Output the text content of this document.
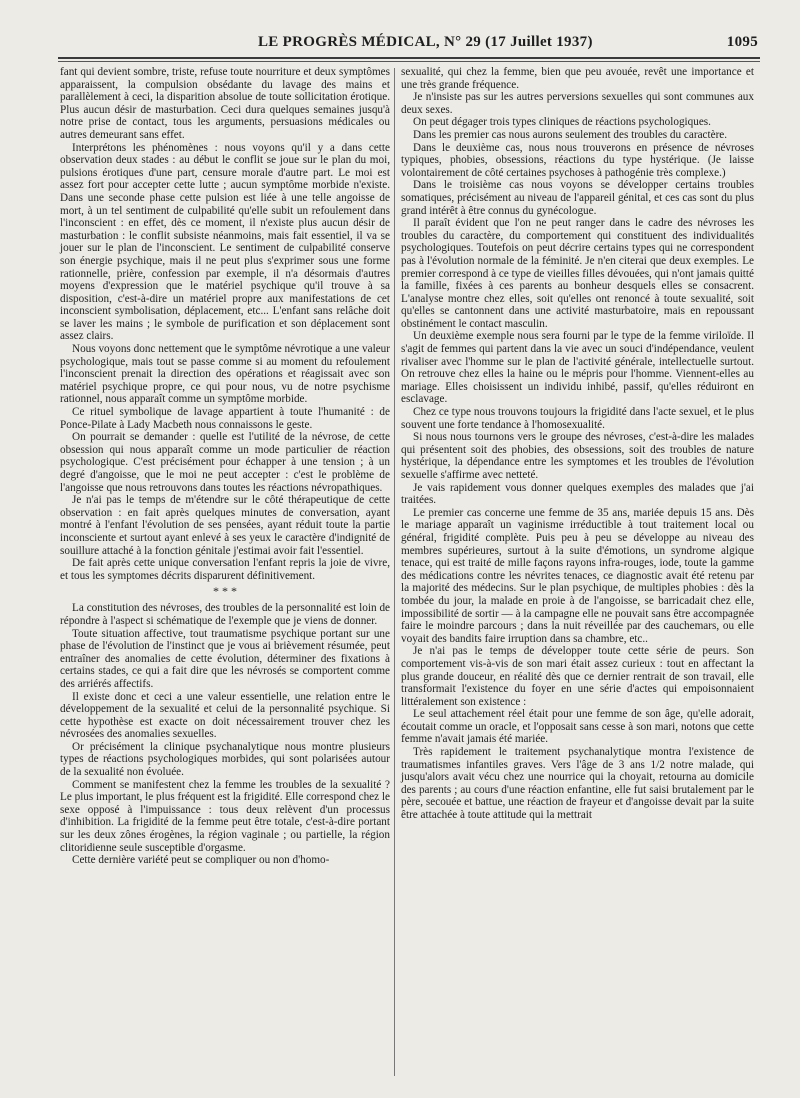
LE PROGRÈS MÉDICAL, N° 29 (17 Juillet 1937)	1095

fant qui devient sombre, triste, refuse toute nourriture et deux symptômes apparaissent, la compulsion obsédante du lavage des mains et parallèlement à ceci, la disparition absolue de toute sollicitation érotique. Plus aucun désir de masturbation. Ceci dura quelques semaines jusqu'à notre prise de contact, tous les arguments, persuasions médicales ou autres demeurant sans effet.

Interprétons les phénomènes : nous voyons qu'il y a dans cette observation deux stades : au début le conflit se joue sur le plan du moi, pulsions érotiques d'une part, censure morale d'autre part. Le moi est assez fort pour accepter cette lutte ; aucun symptôme morbide n'existe. Dans une seconde phase cette pulsion est liée à une telle angoisse de mort, à un tel sentiment de culpabilité qu'elle subit un refoulement dans l'inconscient : en effet, dès ce moment, il n'existe plus aucun désir de masturbation : le conflit subsiste néanmoins, mais fait essentiel, il va se jouer sur le plan de l'inconscient. Le sentiment de culpabilité conserve son énergie psychique, mais il ne peut plus s'exprimer sous une forme rationnelle, prière, confession par exemple, il n'a désormais d'autres moyens d'expression que le matériel psychique qu'il trouve à sa disposition, c'est-à-dire un matériel propre aux manifestations de cet inconscient symbolisation, déplacement, etc... L'enfant sans relâche doit se laver les mains ; le symbole de purification et son déplacement sont assez clairs.

Nous voyons donc nettement que le symptôme névrotique a une valeur psychologique, mais tout se passe comme si au moment du refoulement l'inconscient prenait la direction des opérations et réagissait avec son matériel psychique propre, ce qui pour nous, vu de notre psychisme rationnel, nous apparaît comme un symptôme morbide.

Ce rituel symbolique de lavage appartient à toute l'humanité : de Ponce-Pilate à Lady Macbeth nous connaissons le geste.

On pourrait se demander : quelle est l'utilité de la névrose, de cette obsession qui nous apparaît comme un mode particulier de réaction psychologique. C'est précisément pour échapper à une tension ; à un degré d'angoisse, que le moi ne peut accepter : c'est le problème de l'angoisse que nous retrouvons dans toutes les réactions névropathiques.

Je n'ai pas le temps de m'étendre sur le côté thérapeutique de cette observation : en fait après quelques minutes de conversation, ayant montré à l'enfant l'évolution de ses pensées, ayant réduit toute la partie inconsciente et surtout ayant enlevé à ses yeux le caractère d'indignité de souillure attaché à la fonction génitale j'estimai avoir fait l'essentiel.

De fait après cette unique conversation l'enfant repris la joie de vivre, et tous les symptomes décrits disparurent définitivement.

* * *

La constitution des névroses, des troubles de la personnalité est loin de répondre à l'aspect si schématique de l'exemple que je viens de donner.

Toute situation affective, tout traumatisme psychique portant sur une phase de l'évolution de l'instinct que je vous ai brièvement résumée, peut entraîner des anomalies de cette évolution, déterminer des fixations à certains stades, ce qui a fait dire que les névrosés se comportent comme des arriérés affectifs.

Il existe donc et ceci a une valeur essentielle, une relation entre le développement de la sexualité et celui de la personnalité psychique. Si cette hypothèse est exacte on doit nécessairement trouver chez les névrosées des anomalies sexuelles.

Or précisément la clinique psychanalytique nous montre plusieurs types de réactions psychologiques morbides, qui sont polarisées autour de la sexualité non évoluée.

Comment se manifestent chez la femme les troubles de la sexualité ? Le plus important, le plus fréquent est la frigidité. Elle correspond chez le sexe opposé à l'impuissance : tous deux relèvent d'un processus d'inhibition. La frigidité de la femme peut être totale, c'est-à-dire portant sur les deux zônes érogènes, la région vaginale ; ou partielle, la région clitoridienne seule susceptible d'orgasme.

Cette dernière variété peut se compliquer ou non d'homo-

sexualité, qui chez la femme, bien que peu avouée, revêt une importance et une très grande fréquence.

Je n'insiste pas sur les autres perversions sexuelles qui sont communes aux deux sexes.

On peut dégager trois types cliniques de réactions psychologiques.

Dans les premier cas nous aurons seulement des troubles du caractère.

Dans le deuxième cas, nous nous trouverons en présence de névroses typiques, phobies, obsessions, réactions du type hystérique. (Je laisse volontairement de côté certaines psychoses à pathogénie très complexe.)

Dans le troisième cas nous voyons se développer certains troubles somatiques, précisément au niveau de l'appareil génital, et ces cas sont du plus grand intérêt à être connus du gynécologue.

Il paraît évident que l'on ne peut ranger dans le cadre des névroses les troubles du caractère, du comportement qui constituent des individualités psychologiques. Toutefois on peut décrire certains types qui ne correspondent pas à l'évolution normale de la féminité. Je n'en citerai que deux exemples. Le premier correspond à ce type de vieilles filles dévouées, qui n'ont jamais quitté la famille, fixées à ces parents au bonheur desquels elles se consacrent. L'analyse montre chez elles, soit qu'elles ont renoncé à toute sexualité, soit qu'elles se cantonnent dans une activité masturbatoire, mais en repoussant obstinément le contact masculin.

Un deuxième exemple nous sera fourni par le type de la femme viriloïde. Il s'agit de femmes qui partent dans la vie avec un souci d'indépendance, veulent rivaliser avec l'homme sur le plan de l'activité générale, intellectuelle surtout. On retrouve chez elles la haine ou le mépris pour l'homme. Viennent-elles au mariage. Elles choisissent un individu inhibé, passif, qu'elles réduiront en esclavage.

Chez ce type nous trouvons toujours la frigidité dans l'acte sexuel, et le plus souvent une forte tendance à l'homosexualité.

Si nous nous tournons vers le groupe des névroses, c'est-à-dire les malades qui présentent soit des phobies, des obsessions, soit des troubles de nature hystérique, la dépendance entre les symptomes et les troubles de l'évolution sexuelle s'affirme avec netteté.

Je vais rapidement vous donner quelques exemples des malades que j'ai traitées.

Le premier cas concerne une femme de 35 ans, mariée depuis 15 ans. Dès le mariage apparaît un vaginisme irréductible à tout traitement local ou général, frigidité complète. Puis peu à peu se développe au niveau des membres supérieures, surtout à la suite d'émotions, un syndrome algique tenace, qui est traité de mille façons rayons infra-rouges, iode, toute la gamme des médications contre les névrites tenaces, ce diagnostic avait été retenu par la majorité des médecins. Sur le plan psychique, de multiples phobies : dès la tombée du jour, la malade en proie à de l'angoisse, se barricadait chez elle, impossibilité de sortir — à la campagne elle ne pouvait sans être accompagnée faire le moindre parcours ; dans la nuit réveillée par des cauchemars, ou elle voyait des bandits faire irruption dans sa chambre, etc..

Je n'ai pas le temps de développer toute cette série de peurs. Son comportement vis-à-vis de son mari était assez curieux : tout en affectant la plus grande douceur, en réalité dès que ce dernier rentrait de son travail, elle transformait l'existence du foyer en une série d'actes qui empoisonnaient littéralement son existence :

Le seul attachement réel était pour une femme de son âge, qu'elle adorait, écoutait comme un oracle, et l'opposait sans cesse à son mari, notons que cette femme n'avait jamais été mariée.

Très rapidement le traitement psychanalytique montra l'existence de traumatismes infantiles graves. Vers l'âge de 3 ans 1/2 notre malade, qui jusqu'alors avait vécu chez une nourrice qui la choyait, retourna au domicile des parents ; au cours d'une réaction enfantine, elle fut saisi brutalement par le père, secouée et battue, une réaction de frayeur et d'angoisse devait par la suite être attachée à toute attitude qui la mettrait
